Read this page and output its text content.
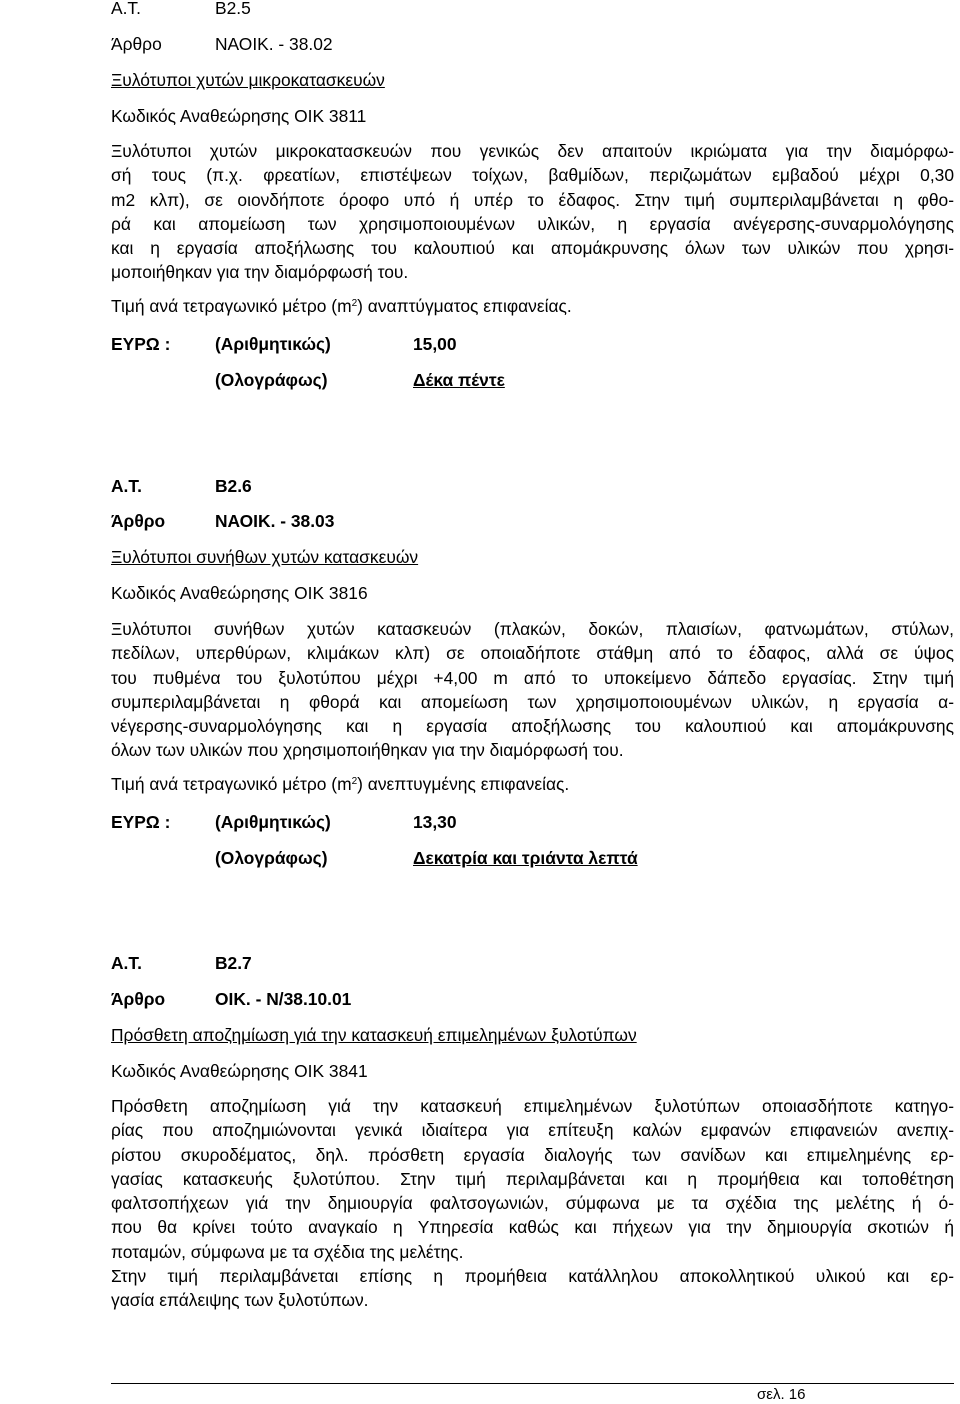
Α.Τ.	Β2.5
Άρθρο	ΝΑΟΙΚ. - 38.02
Ξυλότυποι χυτών μικροκατασκευών
Κωδικός Αναθεώρησης ΟΙΚ 3811
Ξυλότυποι χυτών μικροκατασκευών που γενικώς δεν απαιτούν ικριώματα για την διαμόρφω-
σή τους (π.χ. φρεατίων, επιστέψεων τοίχων, βαθμίδων, περιζωμάτων εμβαδού μέχρι 0,30
m2 κλπ), σε οιονδήποτε όροφο υπό ή υπέρ το έδαφος. Στην τιμή συμπεριλαμβάνεται η φθο-
ρά και απομείωση των χρησιμοποιουμένων υλικών, η εργασία ανέγερσης-συναρμολόγησης
και η εργασία αποξήλωσης του καλουπιού και απομάκρυνσης όλων των υλικών που χρησι-
μοποιήθηκαν για την διαμόρφωσή του.
Τιμή ανά τετραγωνικό μέτρο $(m^2)$ αναπτύγματος επιφανείας.
ΕΥΡΩ :	(Αριθμητικώς)	15,00
(Ολογράφως)	Δέκα πέντε
Α.Τ.	Β2.6
Άρθρο	ΝΑΟΙΚ. - 38.03
Ξυλότυποι συνήθων χυτών κατασκευών
Κωδικός Αναθεώρησης ΟΙΚ 3816
Ξυλότυποι συνήθων χυτών κατασκευών (πλακών, δοκών, πλαισίων, φατνωμάτων, στύλων,
πεδίλων, υπερθύρων, κλιμάκων κλπ) σε οποιαδήποτε στάθμη από το έδαφος, αλλά σε ύψος
του πυθμένα του ξυλοτύπου μέχρι +4,00 m από το υποκείμενο δάπεδο εργασίας. Στην τιμή
συμπεριλαμβάνεται η φθορά και απομείωση των χρησιμοποιουμένων υλικών, η εργασία α-
νέγερσης-συναρμολόγησης και η εργασία αποξήλωσης του καλουπιού και απομάκρυνσης
όλων των υλικών που χρησιμοποιήθηκαν για την διαμόρφωσή του.
Τιμή ανά τετραγωνικό μέτρο $(m^2)$ ανεπτυγμένης επιφανείας.
ΕΥΡΩ :	(Αριθμητικώς)	13,30
(Ολογράφως)	Δεκατρία και τριάντα λεπτά
Α.Τ.	Β2.7
Άρθρο	ΟΙΚ. - Ν/38.10.01
Πρόσθετη αποζημίωση γιά την κατασκευή επιμελημένων ξυλοτύπων
Κωδικός Αναθεώρησης ΟΙΚ 3841
Πρόσθετη αποζημίωση γιά την κατασκευή επιμελημένων ξυλοτύπων οποιασδήποτε κατηγο-
ρίας που αποζημιώνονται γενικά ιδιαίτερα για επίτευξη καλών εμφανών επιφανειών ανεπιχ-
ρίστου σκυροδέματος, δηλ. πρόσθετη εργασία διαλογής των σανίδων και επιμελημένης ερ-
γασίας κατασκευής ξυλοτύπου. Στην τιμή περιλαμβάνεται και η προμήθεια και τοποθέτηση
φαλτσοπήχεων γιά την δημιουργία φαλτσογωνιών, σύμφωνα με τα σχέδια της μελέτης ή ό-
που θα κρίνει τούτο αναγκαίο η Υπηρεσία καθώς και πήχεων για την δημιουργία σκοτιών ή
ποταμών, σύμφωνα με τα σχέδια της μελέτης.
Στην τιμή περιλαμβάνεται επίσης η προμήθεια κατάλληλου αποκολλητικού υλικού και ερ-
γασία επάλειψης των ξυλοτύπων.
σελ. 16
